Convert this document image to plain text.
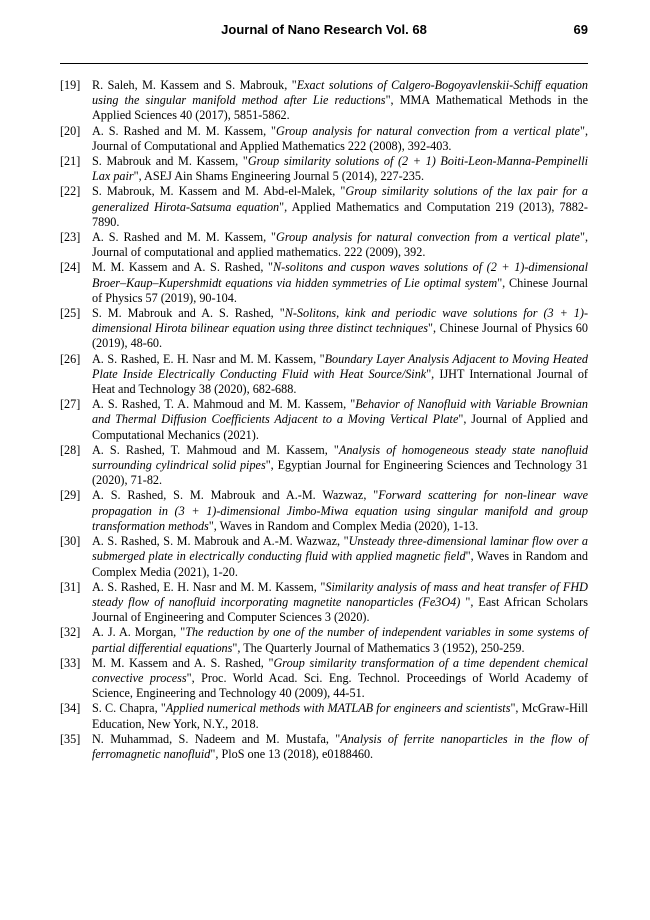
Journal of Nano Research Vol. 68	69
[19] R. Saleh, M. Kassem and S. Mabrouk, "Exact solutions of Calgero-Bogoyavlenskii-Schiff equation using the singular manifold method after Lie reductions", MMA Mathematical Methods in the Applied Sciences 40 (2017), 5851-5862.
[20] A. S. Rashed and M. M. Kassem, "Group analysis for natural convection from a vertical plate", Journal of Computational and Applied Mathematics 222 (2008), 392-403.
[21] S. Mabrouk and M. Kassem, "Group similarity solutions of (2 + 1) Boiti-Leon-Manna-Pempinelli Lax pair", ASEJ Ain Shams Engineering Journal 5 (2014), 227-235.
[22] S. Mabrouk, M. Kassem and M. Abd-el-Malek, "Group similarity solutions of the lax pair for a generalized Hirota-Satsuma equation", Applied Mathematics and Computation 219 (2013), 7882-7890.
[23] A. S. Rashed and M. M. Kassem, "Group analysis for natural convection from a vertical plate", Journal of computational and applied mathematics. 222 (2009), 392.
[24] M. M. Kassem and A. S. Rashed, "N-solitons and cuspon waves solutions of (2 + 1)-dimensional Broer–Kaup–Kupershmidt equations via hidden symmetries of Lie optimal system", Chinese Journal of Physics 57 (2019), 90-104.
[25] S. M. Mabrouk and A. S. Rashed, "N-Solitons, kink and periodic wave solutions for (3 + 1)-dimensional Hirota bilinear equation using three distinct techniques", Chinese Journal of Physics 60 (2019), 48-60.
[26] A. S. Rashed, E. H. Nasr and M. M. Kassem, "Boundary Layer Analysis Adjacent to Moving Heated Plate Inside Electrically Conducting Fluid with Heat Source/Sink", IJHT International Journal of Heat and Technology 38 (2020), 682-688.
[27] A. S. Rashed, T. A. Mahmoud and M. M. Kassem, "Behavior of Nanofluid with Variable Brownian and Thermal Diffusion Coefficients Adjacent to a Moving Vertical Plate", Journal of Applied and Computational Mechanics (2021).
[28] A. S. Rashed, T. Mahmoud and M. Kassem, "Analysis of homogeneous steady state nanofluid surrounding cylindrical solid pipes", Egyptian Journal for Engineering Sciences and Technology 31 (2020), 71-82.
[29] A. S. Rashed, S. M. Mabrouk and A.-M. Wazwaz, "Forward scattering for non-linear wave propagation in (3 + 1)-dimensional Jimbo-Miwa equation using singular manifold and group transformation methods", Waves in Random and Complex Media (2020), 1-13.
[30] A. S. Rashed, S. M. Mabrouk and A.-M. Wazwaz, "Unsteady three-dimensional laminar flow over a submerged plate in electrically conducting fluid with applied magnetic field", Waves in Random and Complex Media (2021), 1-20.
[31] A. S. Rashed, E. H. Nasr and M. M. Kassem, "Similarity analysis of mass and heat transfer of FHD steady flow of nanofluid incorporating magnetite nanoparticles (Fe3O4) ", East African Scholars Journal of Engineering and Computer Sciences 3 (2020).
[32] A. J. A. Morgan, "The reduction by one of the number of independent variables in some systems of partial differential equations", The Quarterly Journal of Mathematics 3 (1952), 250-259.
[33] M. M. Kassem and A. S. Rashed, "Group similarity transformation of a time dependent chemical convective process", Proc. World Acad. Sci. Eng. Technol. Proceedings of World Academy of Science, Engineering and Technology 40 (2009), 44-51.
[34] S. C. Chapra, "Applied numerical methods with MATLAB for engineers and scientists", McGraw-Hill Education, New York, N.Y., 2018.
[35] N. Muhammad, S. Nadeem and M. Mustafa, "Analysis of ferrite nanoparticles in the flow of ferromagnetic nanofluid", PloS one 13 (2018), e0188460.
